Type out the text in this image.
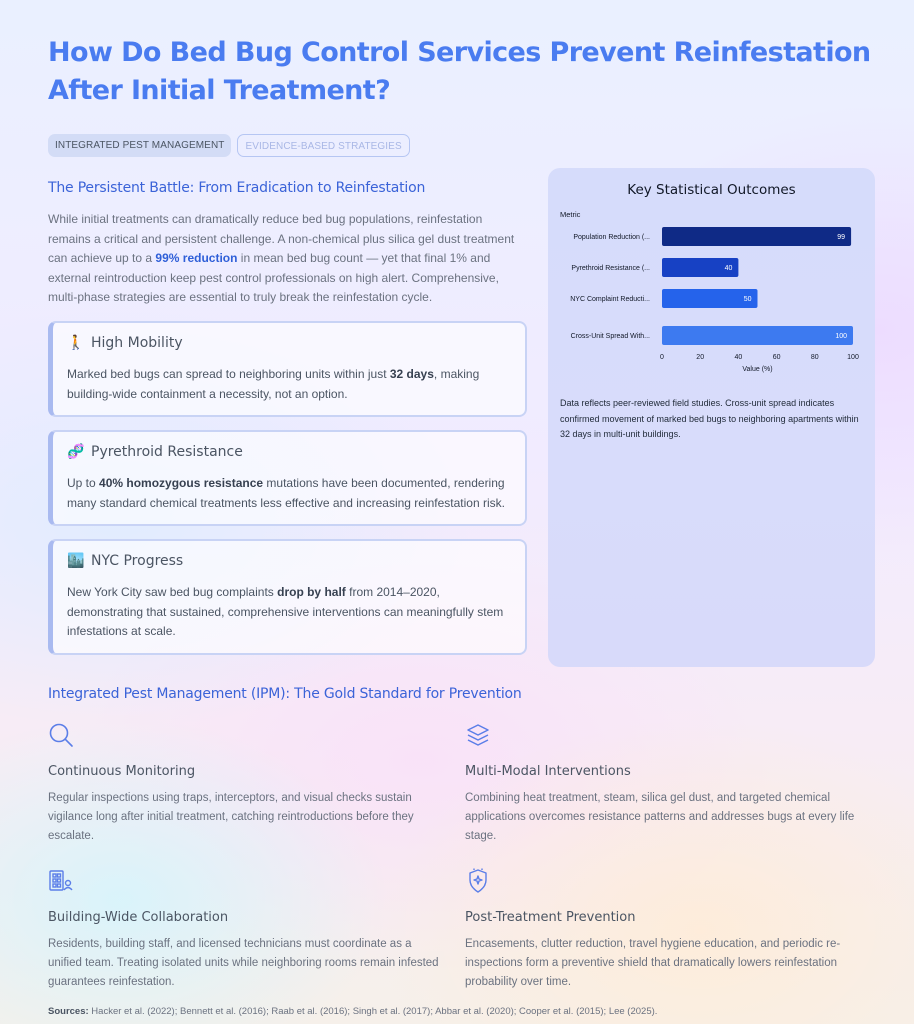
How Do Bed Bug Control Services Prevent Reinfestation After Initial Treatment?
INTEGRATED PEST MANAGEMENT	EVIDENCE-BASED STRATEGIES
The Persistent Battle: From Eradication to Reinfestation

While initial treatments can dramatically reduce bed bug populations, reinfestation remains a critical and persistent challenge. A non-chemical plus silica gel dust treatment can achieve up to a 99% reduction in mean bed bug count — yet that final 1% and external reintroduction keep pest control professionals on high alert. Comprehensive, multi-phase strategies are essential to truly break the reinfestation cycle.

🚶 High Mobility

Marked bed bugs can spread to neighboring units within just 32 days, making building-wide containment a necessity, not an option.

🧬 Pyrethroid Resistance

Up to 40% homozygous resistance mutations have been documented, rendering many standard chemical treatments less effective and increasing reinfestation risk.

🏙️ NYC Progress

New York City saw bed bug complaints drop by half from 2014–2020, demonstrating that sustained, comprehensive interventions can meaningfully stem infestations at scale.

Key Statistical Outcomes
Metric
Population Reduction (...	99
Pyrethroid Resistance (...	40
NYC Complaint Reducti...	50
Cross-Unit Spread With...	100
0	20	40	60	80	100
Value (%)

Data reflects peer-reviewed field studies. Cross-unit spread indicates confirmed movement of marked bed bugs to neighboring apartments within 32 days in multi-unit buildings.

Integrated Pest Management (IPM): The Gold Standard for Prevention
Continuous Monitoring

Regular inspections using traps, interceptors, and visual checks sustain vigilance long after initial treatment, catching reintroductions before they escalate.

Multi-Modal Interventions

Combining heat treatment, steam, silica gel dust, and targeted chemical applications overcomes resistance patterns and addresses bugs at every life stage.

Building-Wide Collaboration

Residents, building staff, and licensed technicians must coordinate as a unified team. Treating isolated units while neighboring rooms remain infested guarantees reinfestation.

Post-Treatment Prevention

Encasements, clutter reduction, travel hygiene education, and periodic re-inspections form a preventive shield that dramatically lowers reinfestation probability over time.

Sources: Hacker et al. (2022); Bennett et al. (2016); Raab et al. (2016); Singh et al. (2017); Abbar et al. (2020); Cooper et al. (2015); Lee (2025).
